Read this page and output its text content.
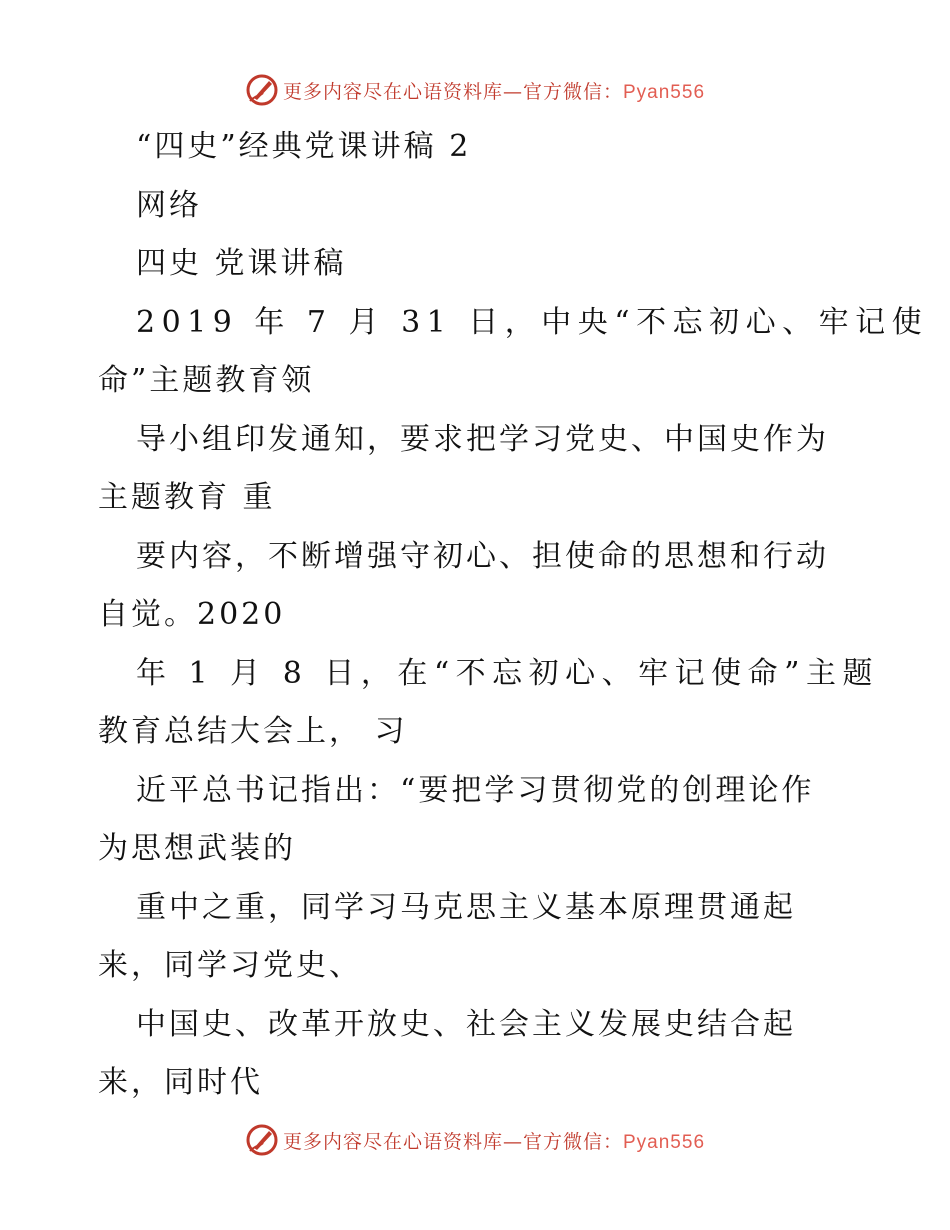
更多内容尽在心语资料库—官方微信：Pyan556
“四史”经典党课讲稿 2
网络
四史 党课讲稿
2019 年 7 月 31 日，中央“不忘初心、牢记使
命”主题教育领
导小组印发通知，要求把学习党史、中国史作为
主题教育 重
要内容，不断增强守初心、担使命的思想和行动
自觉。2020
年 1 月 8 日，在“不忘初心、牢记使命”主题
教育总结大会上， 习
近平总书记指出：“要把学习贯彻党的创理论作
为思想武装的
重中之重，同学习马克思主义基本原理贯通起
来，同学习党史、
中国史、改革开放史、社会主义发展史结合起
来，同时代
更多内容尽在心语资料库—官方微信：Pyan556
